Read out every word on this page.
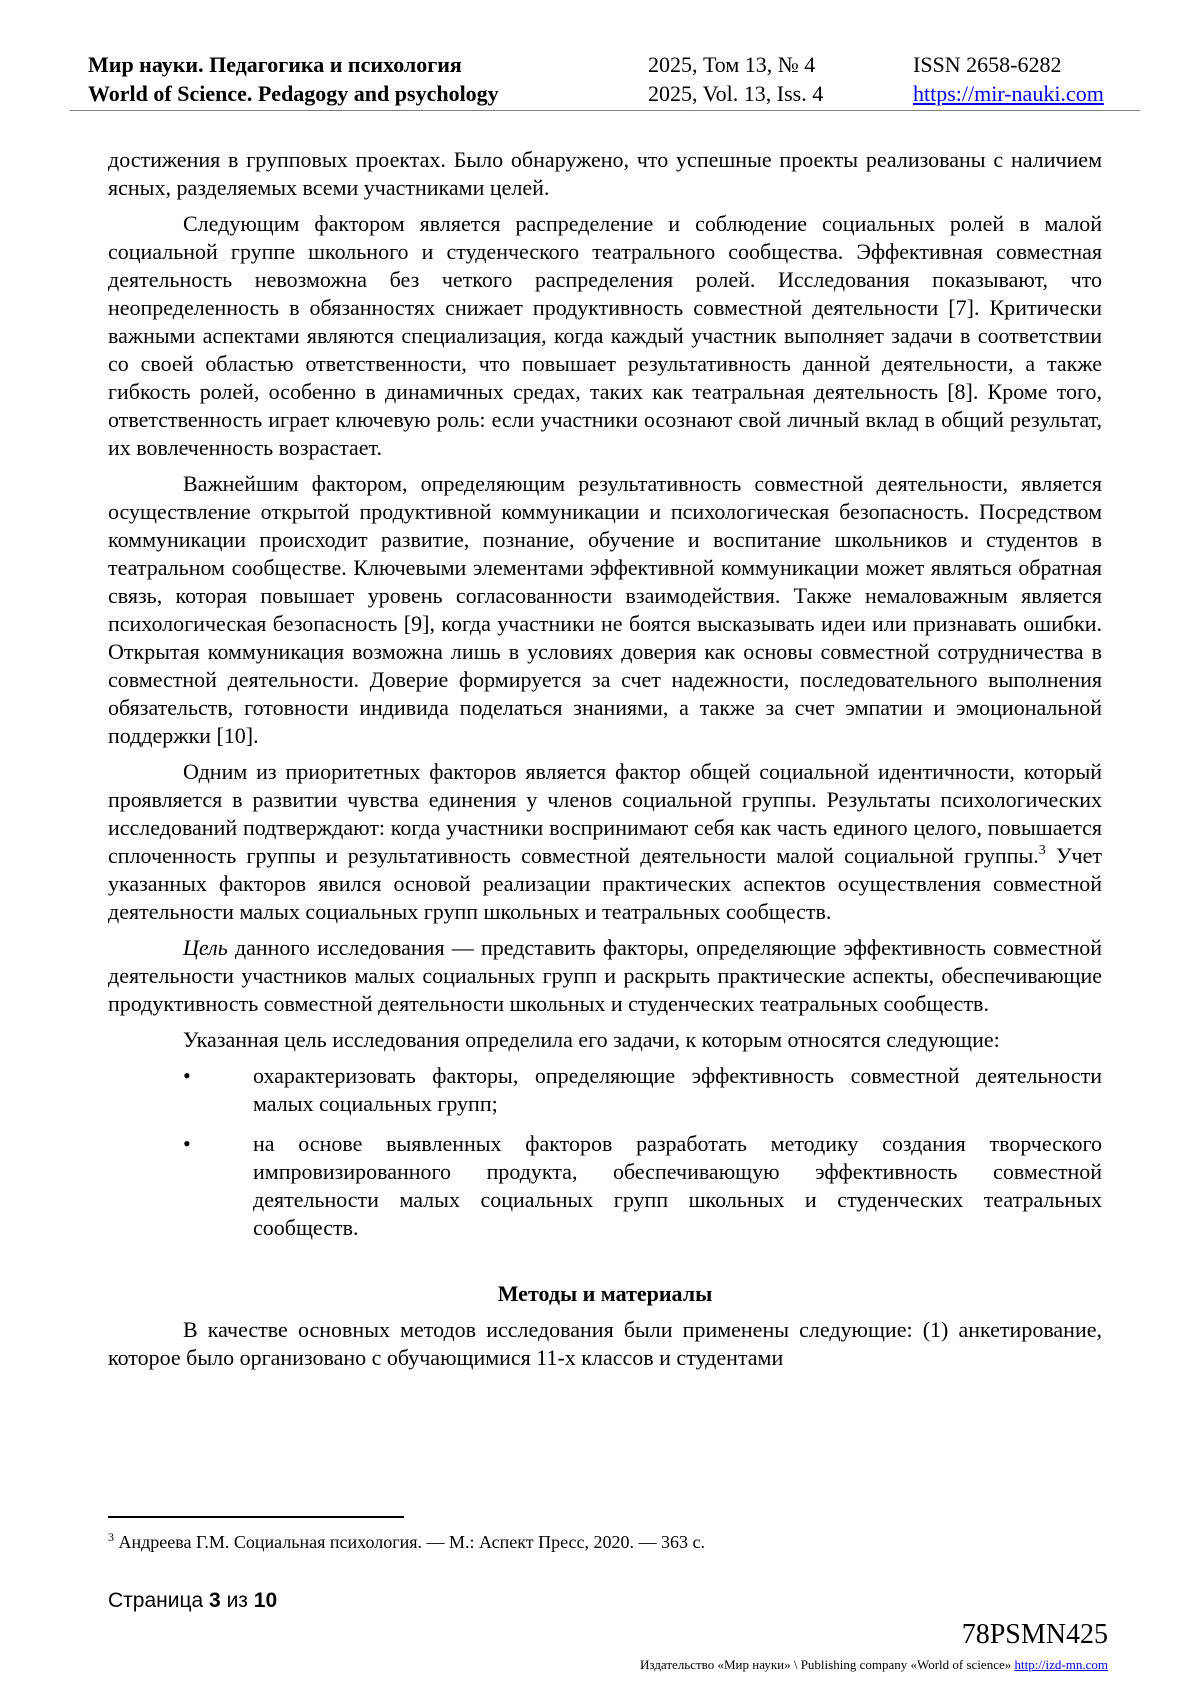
Мир науки. Педагогика и психология
World of Science. Pedagogy and psychology
2025, Том 13, № 4
2025, Vol. 13, Iss. 4
ISSN 2658-6282
https://mir-nauki.com

достижения в групповых проектах. Было обнаружено, что успешные проекты реализованы с наличием ясных, разделяемых всеми участниками целей.

Следующим фактором является распределение и соблюдение социальных ролей в малой социальной группе школьного и студенческого театрального сообщества. Эффективная совместная деятельность невозможна без четкого распределения ролей. Исследования показывают, что неопределенность в обязанностях снижает продуктивность совместной деятельности [7]. Критически важными аспектами являются специализация, когда каждый участник выполняет задачи в соответствии со своей областью ответственности, что повышает результативность данной деятельности, а также гибкость ролей, особенно в динамичных средах, таких как театральная деятельность [8]. Кроме того, ответственность играет ключевую роль: если участники осознают свой личный вклад в общий результат, их вовлеченность возрастает.

Важнейшим фактором, определяющим результативность совместной деятельности, является осуществление открытой продуктивной коммуникации и психологическая безопасность. Посредством коммуникации происходит развитие, познание, обучение и воспитание школьников и студентов в театральном сообществе. Ключевыми элементами эффективной коммуникации может являться обратная связь, которая повышает уровень согласованности взаимодействия. Также немаловажным является психологическая безопасность [9], когда участники не боятся высказывать идеи или признавать ошибки. Открытая коммуникация возможна лишь в условиях доверия как основы совместной сотрудничества в совместной деятельности. Доверие формируется за счет надежности, последовательного выполнения обязательств, готовности индивида поделаться знаниями, а также за счет эмпатии и эмоциональной поддержки [10].

Одним из приоритетных факторов является фактор общей социальной идентичности, который проявляется в развитии чувства единения у членов социальной группы. Результаты психологических исследований подтверждают: когда участники воспринимают себя как часть единого целого, повышается сплоченность группы и результативность совместной деятельности малой социальной группы.$^3$ Учет указанных факторов явился основой реализации практических аспектов осуществления совместной деятельности малых социальных групп школьных и театральных сообществ.

Цель данного исследования — представить факторы, определяющие эффективность совместной деятельности участников малых социальных групп и раскрыть практические аспекты, обеспечивающие продуктивность совместной деятельности школьных и студенческих театральных сообществ.

Указанная цель исследования определила его задачи, к которым относятся следующие:

•	охарактеризовать факторы, определяющие эффективность совместной деятельности малых социальных групп;
•	на основе выявленных факторов разработать методику создания творческого импровизированного продукта, обеспечивающую эффективность совместной деятельности малых социальных групп школьных и студенческих театральных сообществ.
Методы и материалы

В качестве основных методов исследования были применены следующие: (1) анкетирование, которое было организовано с обучающимися 11-х классов и студентами

$^3$ Андреева Г.М. Социальная психология. — М.: Аспект Пресс, 2020. — 363 с.
Страница 3 из 10
78PSMN425
Издательство «Мир науки» \ Publishing company «World of science» http://izd-mn.com
